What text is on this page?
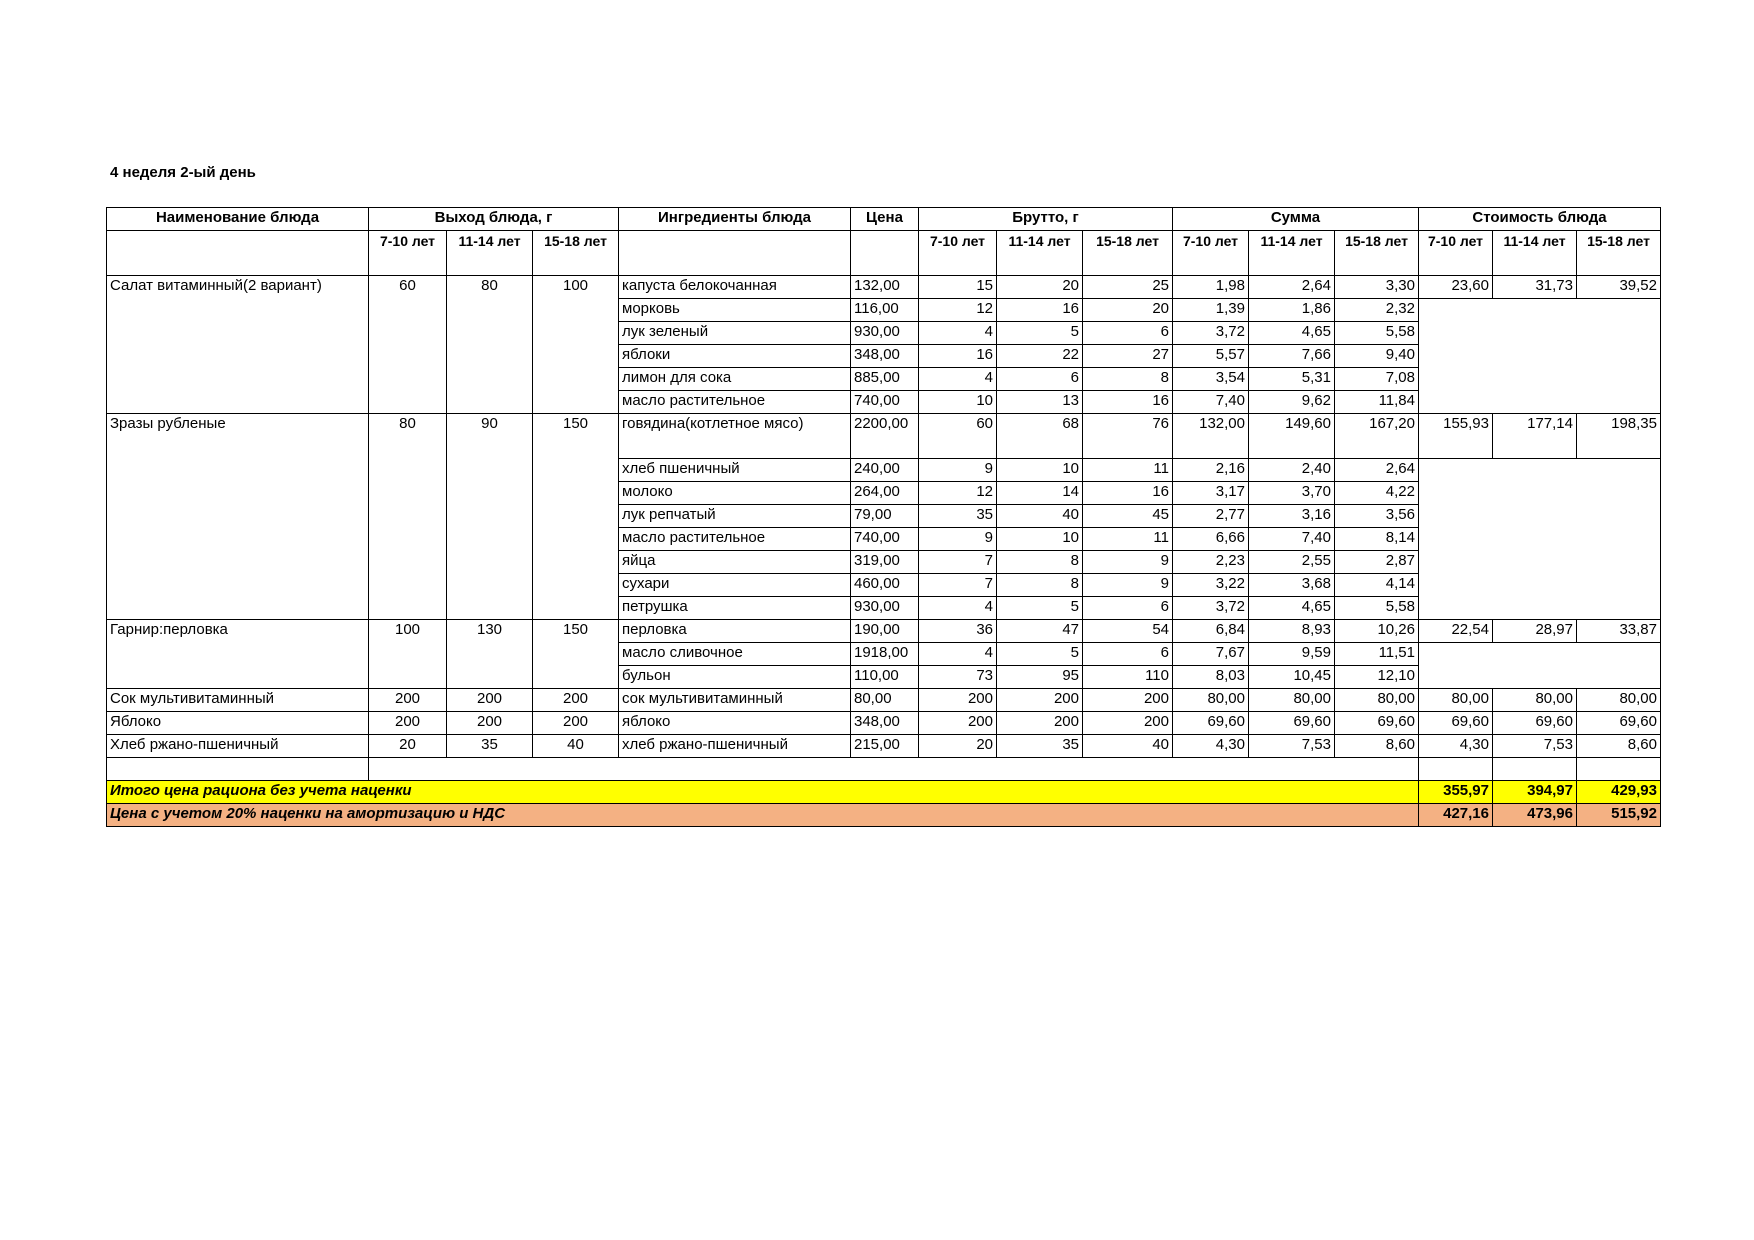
4 неделя 2-ый день
Наименование блюда	Выход блюда, г			Ингредиенты блюда	Цена	Брутто, г			Сумма			Стоимость блюда		
	7-10 лет	11-14 лет	15-18 лет			7-10 лет	11-14 лет	15-18 лет	7-10 лет	11-14 лет	15-18 лет	7-10 лет	11-14 лет	15-18 лет
Салат витаминный(2 вариант)	60	80	100	капуста белокочанная	132,00	15	20	25	1,98	2,64	3,30	23,60	31,73	39,52
				морковь	116,00	12	16	20	1,39	1,86	2,32			
				лук зеленый	930,00	4	5	6	3,72	4,65	5,58			
				яблоки	348,00	16	22	27	5,57	7,66	9,40			
				лимон для сока	885,00	4	6	8	3,54	5,31	7,08			
				масло растительное	740,00	10	13	16	7,40	9,62	11,84			
Зразы рубленые	80	90	150	говядина(котлетное мясо)	2200,00	60	68	76	132,00	149,60	167,20	155,93	177,14	198,35
				хлеб пшеничный	240,00	9	10	11	2,16	2,40	2,64			
				молоко	264,00	12	14	16	3,17	3,70	4,22			
				лук репчатый	79,00	35	40	45	2,77	3,16	3,56			
				масло растительное	740,00	9	10	11	6,66	7,40	8,14			
				яйца	319,00	7	8	9	2,23	2,55	2,87			
				сухари	460,00	7	8	9	3,22	3,68	4,14			
				петрушка	930,00	4	5	6	3,72	4,65	5,58			
Гарнир:перловка	100	130	150	перловка	190,00	36	47	54	6,84	8,93	10,26	22,54	28,97	33,87
				масло сливочное	1918,00	4	5	6	7,67	9,59	11,51			
				бульон	110,00	73	95	110	8,03	10,45	12,10			
Сок мультивитаминный	200	200	200	сок мультивитаминный	80,00	200	200	200	80,00	80,00	80,00	80,00	80,00	80,00
Яблоко	200	200	200	яблоко	348,00	200	200	200	69,60	69,60	69,60	69,60	69,60	69,60
Хлеб ржано-пшеничный	20	35	40	хлеб ржано-пшеничный	215,00	20	35	40	4,30	7,53	8,60	4,30	7,53	8,60

Итого цена рациона без учета наценки												355,97	394,97	429,93
Цена с учетом 20% наценки на амортизацию и НДС												427,16	473,96	515,92
